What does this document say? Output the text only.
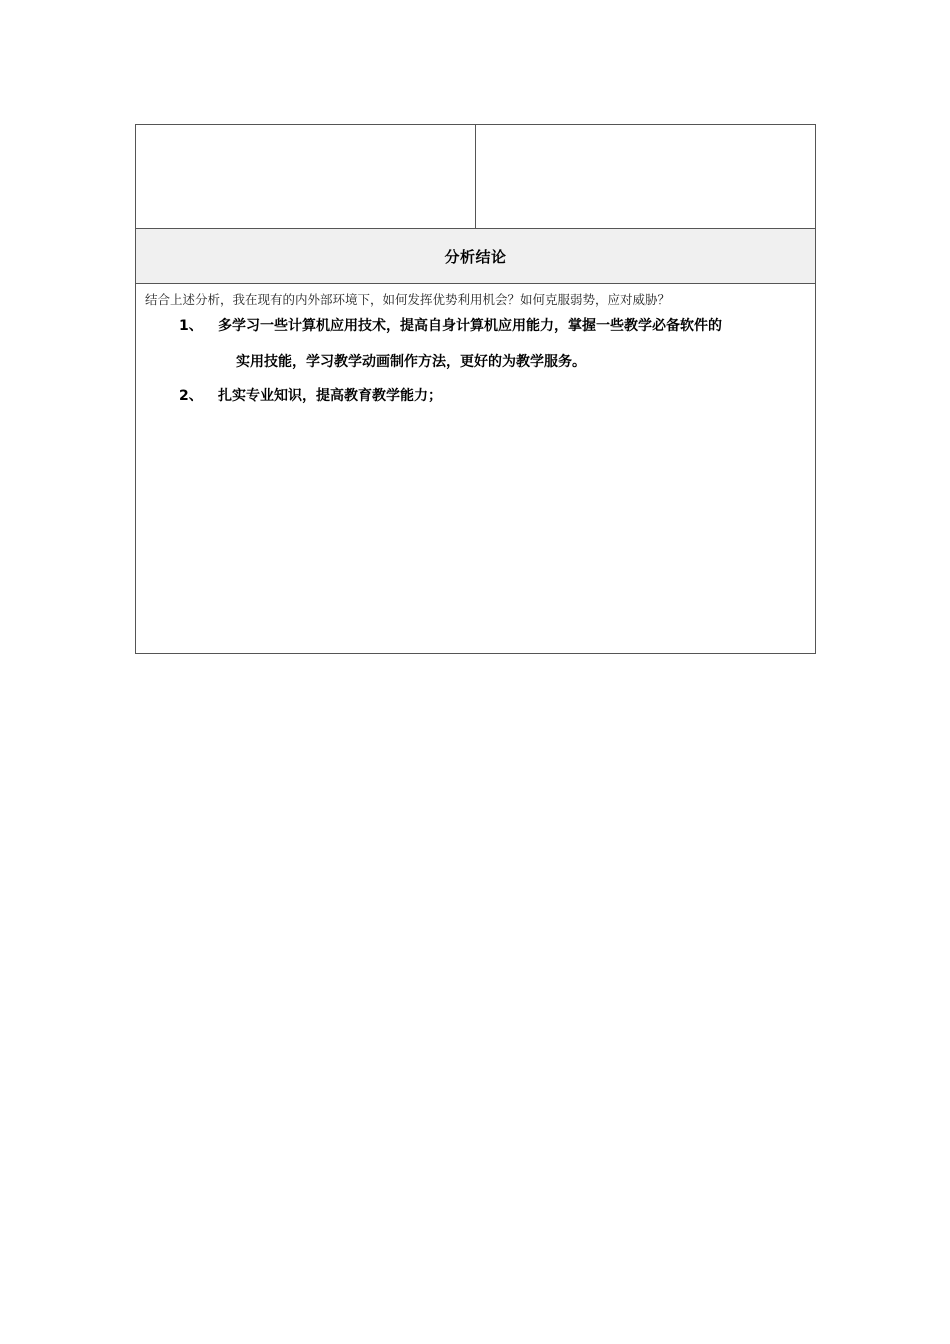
分析结论
结合上述分析，我在现有的内外部环境下，如何发挥优势利用机会？如何克服弱势，应对威胁？
1、 多学习一些计算机应用技术，提高自身计算机应用能力，掌握一些教学必备软件的
实用技能，学习教学动画制作方法，更好的为教学服务。
2、 扎实专业知识，提高教育教学能力；
